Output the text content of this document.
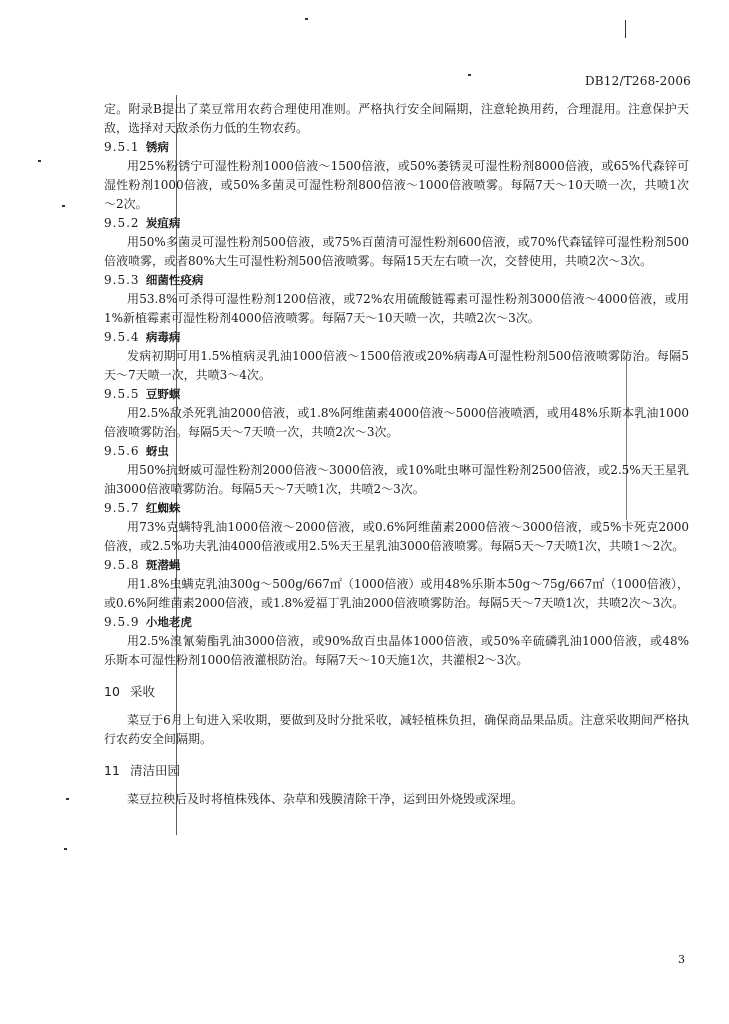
DB12/T268-2006

定。附录B提出了菜豆常用农药合理使用准则。严格执行安全间隔期，注意轮换用药，合理混用。注意保护天敌，选择对天敌杀伤力低的生物农药。

9.5.1 锈病

用25%粉锈宁可湿性粉剂1000倍液～1500倍液，或50%萎锈灵可湿性粉剂8000倍液，或65%代森锌可湿性粉剂1000倍液，或50%多菌灵可湿性粉剂800倍液～1000倍液喷雾。每隔7天～10天喷一次，共喷1次～2次。

9.5.2 炭疽病

用50%多菌灵可湿性粉剂500倍液，或75%百菌清可湿性粉剂600倍液，或70%代森锰锌可湿性粉剂500倍液喷雾，或者80%大生可湿性粉剂500倍液喷雾。每隔15天左右喷一次，交替使用，共喷2次～3次。

9.5.3 细菌性疫病

用53.8%可杀得可湿性粉剂1200倍液，或72%农用硫酸链霉素可湿性粉剂3000倍液～4000倍液，或用1%新植霉素可湿性粉剂4000倍液喷雾。每隔7天～10天喷一次，共喷2次～3次。

9.5.4 病毒病

发病初期可用1.5%植病灵乳油1000倍液～1500倍液或20%病毒A可湿性粉剂500倍液喷雾防治。每隔5天～7天喷一次，共喷3～4次。

9.5.5 豆野螟

用2.5%敌杀死乳油2000倍液，或1.8%阿维菌素4000倍液～5000倍液喷洒，或用48%乐斯本乳油1000倍液喷雾防治。每隔5天～7天喷一次，共喷2次～3次。

9.5.6 蚜虫

用50%抗蚜威可湿性粉剂2000倍液～3000倍液，或10%吡虫啉可湿性粉剂2500倍液，或2.5%天王星乳油3000倍液喷雾防治。每隔5天～7天喷1次，共喷2～3次。

9.5.7 红蜘蛛

用73%克螨特乳油1000倍液～2000倍液，或0.6%阿维菌素2000倍液～3000倍液，或5%卡死克2000倍液，或2.5%功夫乳油4000倍液或用2.5%天王星乳油3000倍液喷雾。每隔5天～7天喷1次，共喷1～2次。

9.5.8 斑潜蝇

用1.8%虫螨克乳油300g～500g/667㎡（1000倍液）或用48%乐斯本50g～75g/667㎡（1000倍液），或0.6%阿维菌素2000倍液，或1.8%爱福丁乳油2000倍液喷雾防治。每隔5天～7天喷1次，共喷2次～3次。

9.5.9 小地老虎

用2.5%溴氰菊酯乳油3000倍液，或90%敌百虫晶体1000倍液，或50%辛硫磷乳油1000倍液，或48%乐斯本可湿性粉剂1000倍液灌根防治。每隔7天～10天施1次，共灌根2～3次。

10 采收

菜豆于6月上旬进入采收期，要做到及时分批采收，减轻植株负担，确保商品果品质。注意采收期间严格执行农药安全间隔期。

11 清洁田园

菜豆拉秧后及时将植株残体、杂草和残膜清除干净，运到田外烧毁或深埋。

3
